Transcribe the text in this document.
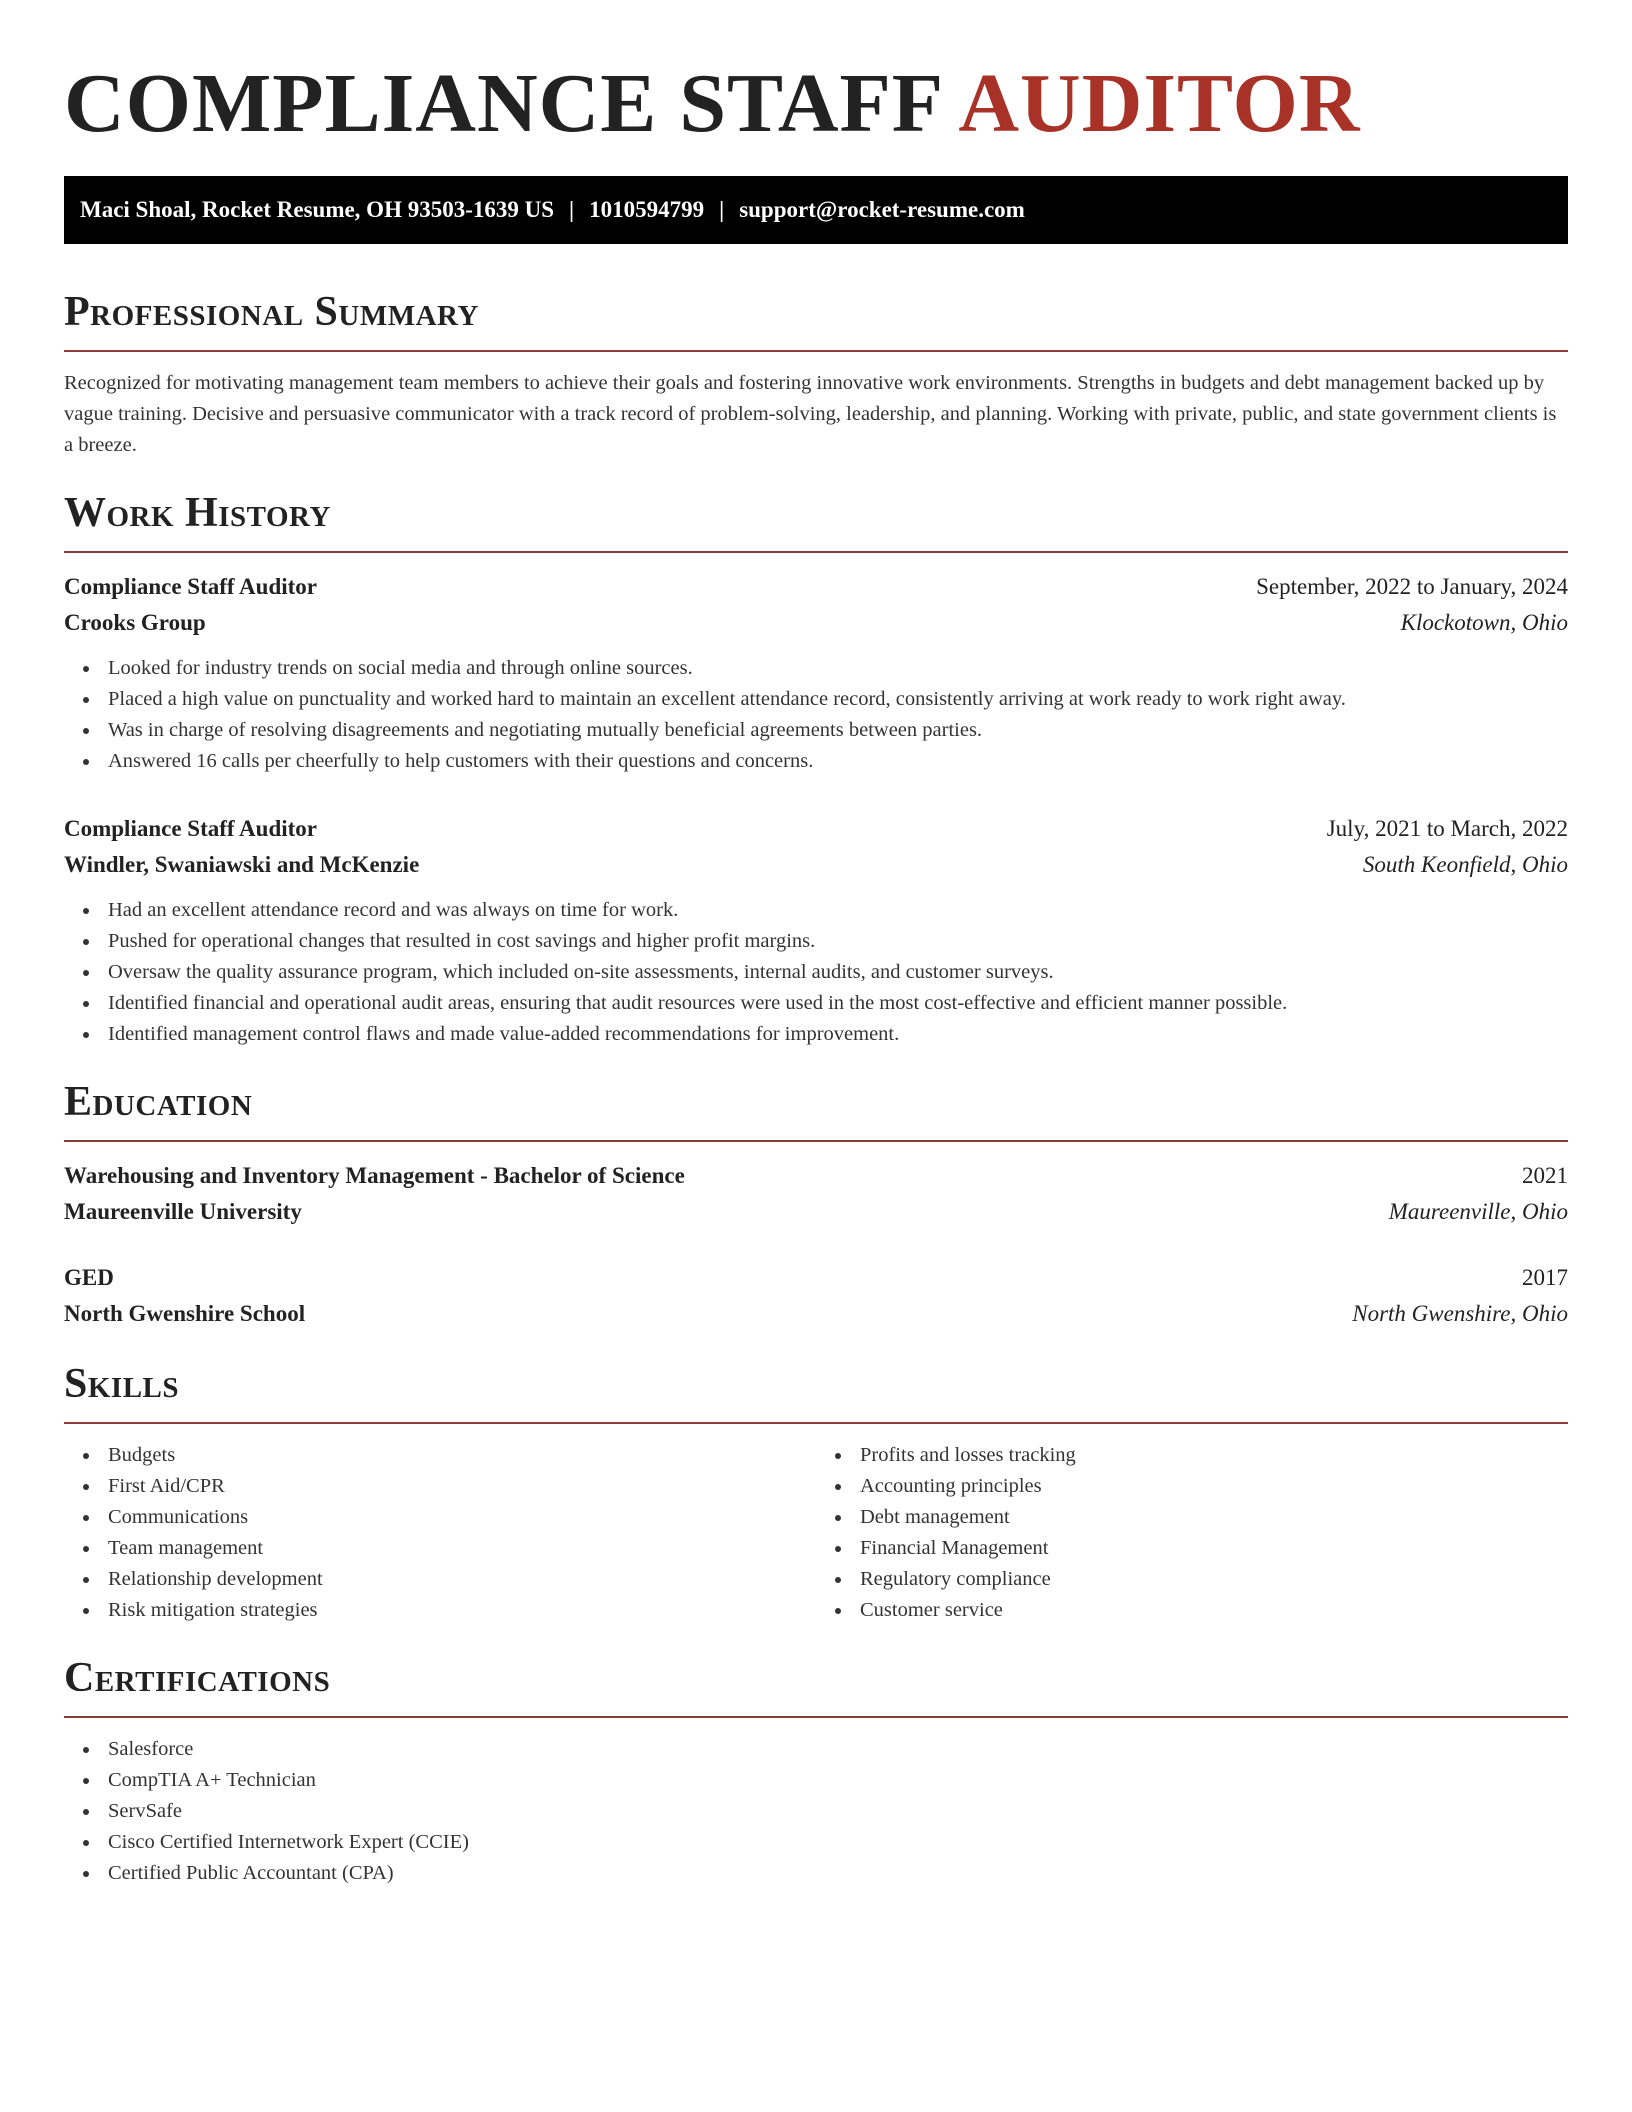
COMPLIANCE STAFF AUDITOR
Maci Shoal, Rocket Resume, OH 93503-1639 US | 1010594799 | support@rocket-resume.com
Professional Summary

Recognized for motivating management team members to achieve their goals and fostering innovative work environments. Strengths in budgets and debt management backed up by vague training. Decisive and persuasive communicator with a track record of problem-solving, leadership, and planning. Working with private, public, and state government clients is a breeze.

Work History
Compliance Staff Auditor	September, 2022 to January, 2024
Crooks Group	Klockotown, Ohio
Looked for industry trends on social media and through online sources.
Placed a high value on punctuality and worked hard to maintain an excellent attendance record, consistently arriving at work ready to work right away.
Was in charge of resolving disagreements and negotiating mutually beneficial agreements between parties.
Answered 16 calls per cheerfully to help customers with their questions and concerns.
Compliance Staff Auditor	July, 2021 to March, 2022
Windler, Swaniawski and McKenzie	South Keonfield, Ohio
Had an excellent attendance record and was always on time for work.
Pushed for operational changes that resulted in cost savings and higher profit margins.
Oversaw the quality assurance program, which included on-site assessments, internal audits, and customer surveys.
Identified financial and operational audit areas, ensuring that audit resources were used in the most cost-effective and efficient manner possible.
Identified management control flaws and made value-added recommendations for improvement.
Education
Warehousing and Inventory Management - Bachelor of Science	2021
Maureenville University	Maureenville, Ohio
GED	2017
North Gwenshire School	North Gwenshire, Ohio
Skills
Budgets
First Aid/CPR
Communications
Team management
Relationship development
Risk mitigation strategies
Profits and losses tracking
Accounting principles
Debt management
Financial Management
Regulatory compliance
Customer service
Certifications
Salesforce
CompTIA A+ Technician
ServSafe
Cisco Certified Internetwork Expert (CCIE)
Certified Public Accountant (CPA)
